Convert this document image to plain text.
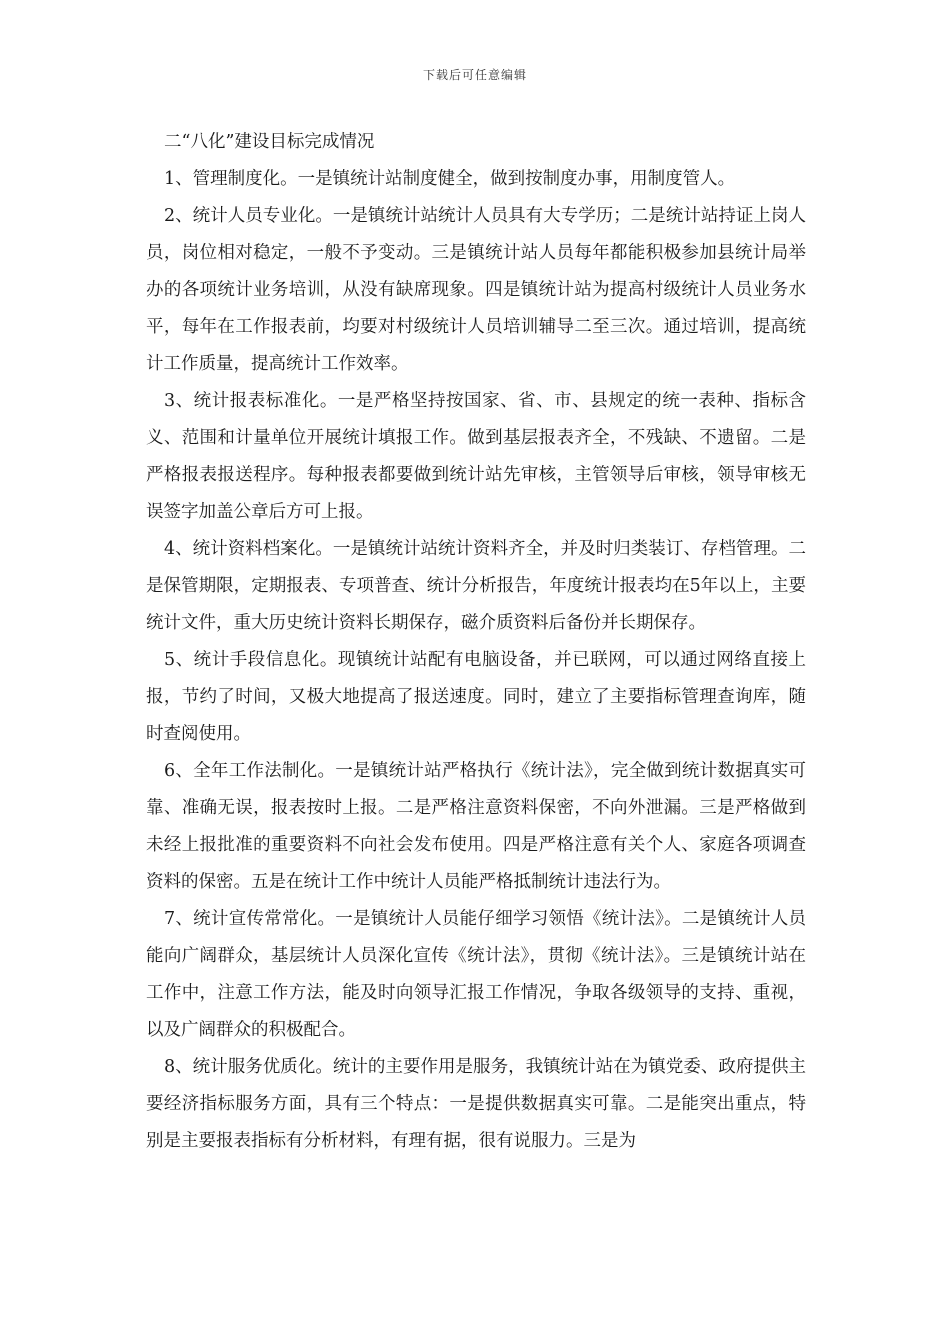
下载后可任意编辑

二“八化”建设目标完成情况

1、管理制度化。一是镇统计站制度健全，做到按制度办事，用制度管人。

2、统计人员专业化。一是镇统计站统计人员具有大专学历；二是统计站持证上岗人员，岗位相对稳定，一般不予变动。三是镇统计站人员每年都能积极参加县统计局举办的各项统计业务培训，从没有缺席现象。四是镇统计站为提高村级统计人员业务水平，每年在工作报表前，均要对村级统计人员培训辅导二至三次。通过培训，提高统计工作质量，提高统计工作效率。

3、统计报表标准化。一是严格坚持按国家、省、市、县规定的统一表种、指标含义、范围和计量单位开展统计填报工作。做到基层报表齐全，不残缺、不遗留。二是严格报表报送程序。每种报表都要做到统计站先审核，主管领导后审核，领导审核无误签字加盖公章后方可上报。

4、统计资料档案化。一是镇统计站统计资料齐全，并及时归类装订、存档管理。二是保管期限，定期报表、专项普查、统计分析报告，年度统计报表均在5年以上，主要统计文件，重大历史统计资料长期保存，磁介质资料后备份并长期保存。

5、统计手段信息化。现镇统计站配有电脑设备，并已联网，可以通过网络直接上报，节约了时间，又极大地提高了报送速度。同时，建立了主要指标管理查询库，随时查阅使用。

6、全年工作法制化。一是镇统计站严格执行《统计法》，完全做到统计数据真实可靠、准确无误，报表按时上报。二是严格注意资料保密，不向外泄漏。三是严格做到未经上报批准的重要资料不向社会发布使用。四是严格注意有关个人、家庭各项调查资料的保密。五是在统计工作中统计人员能严格抵制统计违法行为。

7、统计宣传常常化。一是镇统计人员能仔细学习领悟《统计法》。二是镇统计人员能向广阔群众，基层统计人员深化宣传《统计法》，贯彻《统计法》。三是镇统计站在工作中，注意工作方法，能及时向领导汇报工作情况，争取各级领导的支持、重视，以及广阔群众的积极配合。

8、统计服务优质化。统计的主要作用是服务，我镇统计站在为镇党委、政府提供主要经济指标服务方面，具有三个特点：一是提供数据真实可靠。二是能突出重点，特别是主要报表指标有分析材料，有理有据，很有说服力。三是为
